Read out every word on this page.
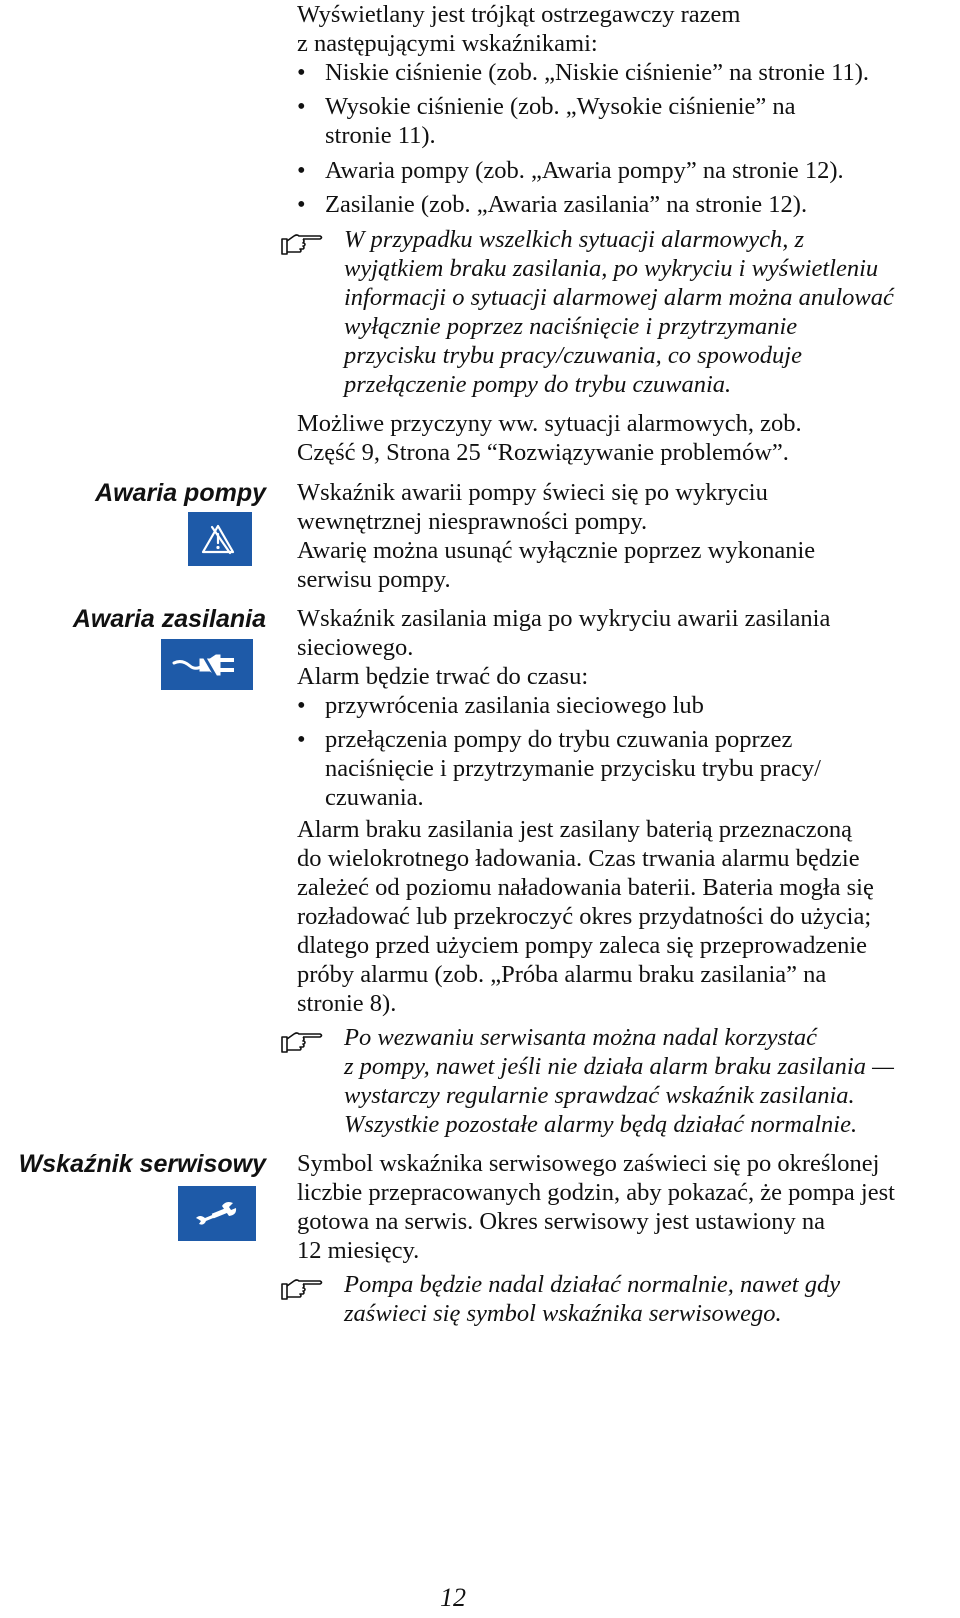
Wyświetlany jest trójkąt ostrzegawczy razem
z następującymi wskaźnikami:
• Niskie ciśnienie (zob. „Niskie ciśnienie” na stronie 11).
• Wysokie ciśnienie (zob. „Wysokie ciśnienie” na
stronie 11).
• Awaria pompy (zob. „Awaria pompy” na stronie 12).
• Zasilanie (zob. „Awaria zasilania” na stronie 12).
W przypadku wszelkich sytuacji alarmowych, z
wyjątkiem braku zasilania, po wykryciu i wyświetleniu
informacji o sytuacji alarmowej alarm można anulować
wyłącznie poprzez naciśnięcie i przytrzymanie
przycisku trybu pracy/czuwania, co spowoduje
przełączenie pompy do trybu czuwania.
Możliwe przyczyny ww. sytuacji alarmowych, zob.
Część 9, Strona 25 “Rozwiązywanie problemów”.
Awaria pompy Wskaźnik awarii pompy świeci się po wykryciu
wewnętrznej niesprawności pompy.
Awarię można usunąć wyłącznie poprzez wykonanie
serwisu pompy.
Awaria zasilania Wskaźnik zasilania miga po wykryciu awarii zasilania
sieciowego.
Alarm będzie trwać do czasu:
• przywrócenia zasilania sieciowego lub
• przełączenia pompy do trybu czuwania poprzez
naciśnięcie i przytrzymanie przycisku trybu pracy/
czuwania.
Alarm braku zasilania jest zasilany baterią przeznaczoną
do wielokrotnego ładowania. Czas trwania alarmu będzie
zależeć od poziomu naładowania baterii. Bateria mogła się
rozładować lub przekroczyć okres przydatności do użycia;
dlatego przed użyciem pompy zaleca się przeprowadzenie
próby alarmu (zob. „Próba alarmu braku zasilania” na
stronie 8).
Po wezwaniu serwisanta można nadal korzystać
z pompy, nawet jeśli nie działa alarm braku zasilania —
wystarczy regularnie sprawdzać wskaźnik zasilania.
Wszystkie pozostałe alarmy będą działać normalnie.
Wskaźnik serwisowy Symbol wskaźnika serwisowego zaświeci się po określonej
liczbie przepracowanych godzin, aby pokazać, że pompa jest
gotowa na serwis. Okres serwisowy jest ustawiony na
12 miesięcy.
Pompa będzie nadal działać normalnie, nawet gdy
zaświeci się symbol wskaźnika serwisowego.
12
